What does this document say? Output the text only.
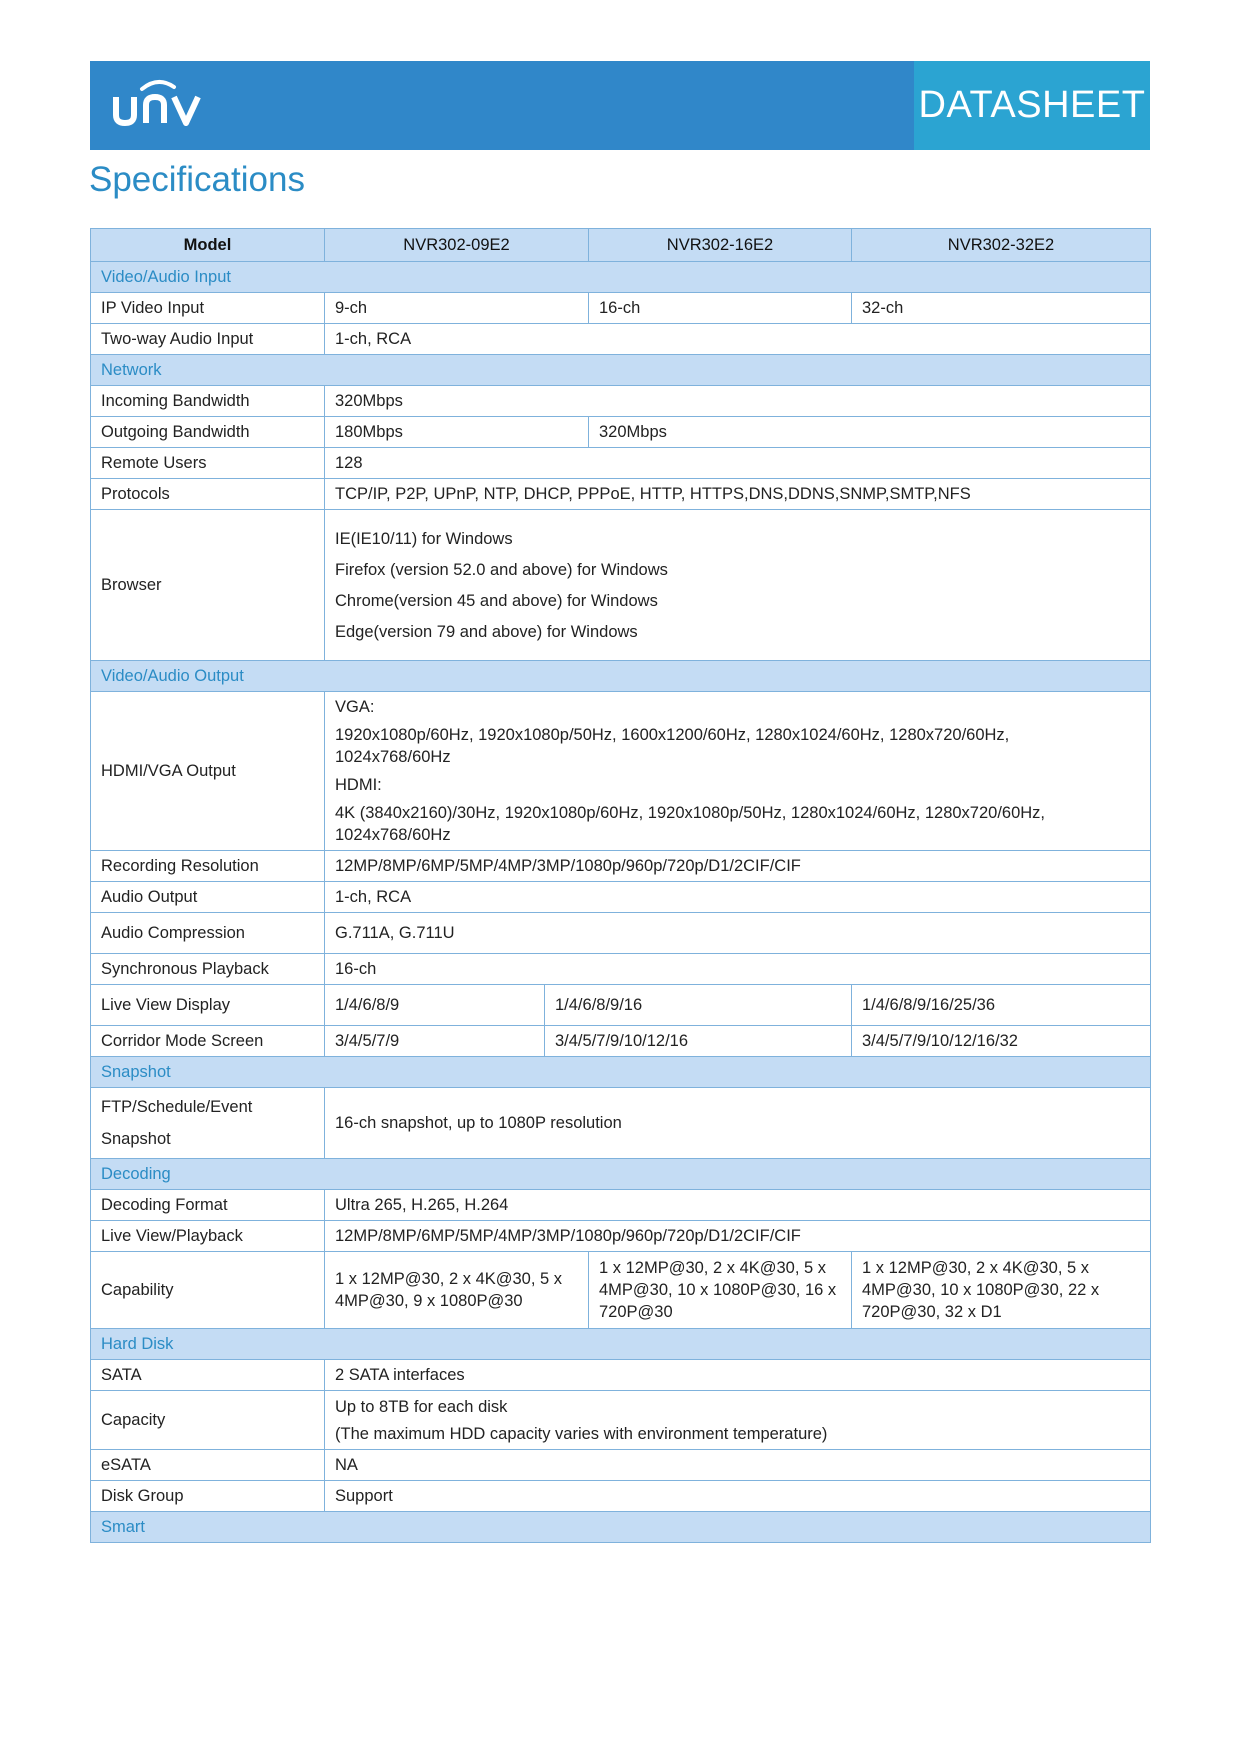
DATASHEET
Specifications
Model	NVR302-09E2		NVR302-16E2	NVR302-32E2
Video/Audio Input				
IP Video Input	9-ch		16-ch	32-ch
Two-way Audio Input	1-ch, RCA			
Network				
Incoming Bandwidth	320Mbps			
Outgoing Bandwidth	180Mbps		320Mbps	
Remote Users	128			
Protocols	TCP/IP, P2P, UPnP, NTP, DHCP, PPPoE, HTTP, HTTPS,DNS,DDNS,SNMP,SMTP,NFS			
Browser	IE(IE10/11) for Windows
Firefox (version 52.0 and above) for Windows
Chrome(version 45 and above) for Windows
Edge(version 79 and above) for Windows			

Video/Audio Output				
HDMI/VGA Output	VGA:
1920x1080p/60Hz, 1920x1080p/50Hz, 1600x1200/60Hz, 1280x1024/60Hz, 1280x720/60Hz, 1024x768/60Hz
HDMI:
4K (3840x2160)/30Hz, 1920x1080p/60Hz, 1920x1080p/50Hz, 1280x1024/60Hz, 1280x720/60Hz, 1024x768/60Hz			

Recording Resolution	12MP/8MP/6MP/5MP/4MP/3MP/1080p/960p/720p/D1/2CIF/CIF			
Audio Output	1-ch, RCA			
Audio Compression	G.711A, G.711U			
Synchronous Playback	16-ch			
Live View Display	1/4/6/8/9	1/4/6/8/9/16		1/4/6/8/9/16/25/36
Corridor Mode Screen	3/4/5/7/9	3/4/5/7/9/10/12/16		3/4/5/7/9/10/12/16/32
Snapshot				

FTP/Schedule/Event
Snapshot	16-ch snapshot, up to 1080P resolution			
Decoding				
Decoding Format	Ultra 265, H.265, H.264			
Live View/Playback	12MP/8MP/6MP/5MP/4MP/3MP/1080p/960p/720p/D1/2CIF/CIF			
Capability	1 x 12MP@30, 2 x 4K@30, 5 x 4MP@30, 9 x 1080P@30		1 x 12MP@30, 2 x 4K@30, 5 x 4MP@30, 10 x 1080P@30, 16 x 720P@30	1 x 12MP@30, 2 x 4K@30, 5 x 4MP@30, 10 x 1080P@30, 22 x 720P@30, 32 x D1
Hard Disk				
SATA	2 SATA interfaces			
Capacity	Up to 8TB for each disk
(The maximum HDD capacity varies with environment temperature)			

eSATA	NA			
Disk Group	Support			
Smart				
